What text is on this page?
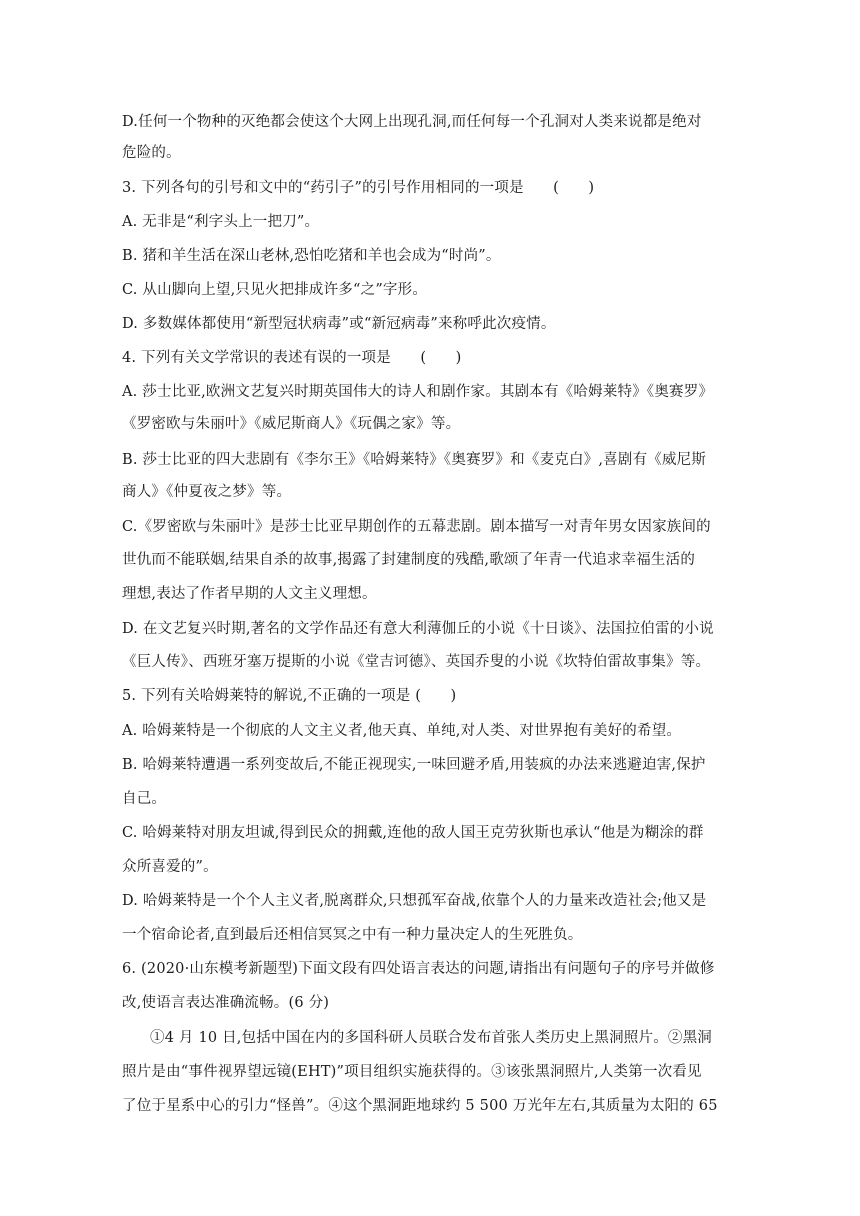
D.任何一个物种的灭绝都会使这个大网上出现孔洞,而任何每一个孔洞对人类来说都是绝对
危险的。
3. 下列各句的引号和文中的“药引子”的引号作用相同的一项是　　(　　)
A. 无非是“利字头上一把刀”。
B. 猪和羊生活在深山老林,恐怕吃猪和羊也会成为“时尚”。
C. 从山脚向上望,只见火把排成许多“之”字形。
D. 多数媒体都使用“新型冠状病毒”或“新冠病毒”来称呼此次疫情。
4. 下列有关文学常识的表述有误的一项是　　(　　)
A. 莎士比亚,欧洲文艺复兴时期英国伟大的诗人和剧作家。其剧本有《哈姆莱特》《奥赛罗》
《罗密欧与朱丽叶》《威尼斯商人》《玩偶之家》等。
B. 莎士比亚的四大悲剧有《李尔王》《哈姆莱特》《奥赛罗》和《麦克白》,喜剧有《威尼斯
商人》《仲夏夜之梦》等。
C.《罗密欧与朱丽叶》是莎士比亚早期创作的五幕悲剧。剧本描写一对青年男女因家族间的
世仇而不能联姻,结果自杀的故事,揭露了封建制度的残酷,歌颂了年青一代追求幸福生活的
理想,表达了作者早期的人文主义理想。
D. 在文艺复兴时期,著名的文学作品还有意大利薄伽丘的小说《十日谈》、法国拉伯雷的小说
《巨人传》、西班牙塞万提斯的小说《堂吉诃德》、英国乔叟的小说《坎特伯雷故事集》等。
5. 下列有关哈姆莱特的解说,不正确的一项是 (　　)
A. 哈姆莱特是一个彻底的人文主义者,他天真、单纯,对人类、对世界抱有美好的希望。
B. 哈姆莱特遭遇一系列变故后,不能正视现实,一味回避矛盾,用装疯的办法来逃避迫害,保护
自己。
C. 哈姆莱特对朋友坦诚,得到民众的拥戴,连他的敌人国王克劳狄斯也承认“他是为糊涂的群
众所喜爱的”。
D. 哈姆莱特是一个个人主义者,脱离群众,只想孤军奋战,依靠个人的力量来改造社会;他又是
一个宿命论者,直到最后还相信冥冥之中有一种力量决定人的生死胜负。
6. (2020·山东模考新题型)下面文段有四处语言表达的问题,请指出有问题句子的序号并做修
改,使语言表达准确流畅。(6 分)
①4 月 10 日,包括中国在内的多国科研人员联合发布首张人类历史上黑洞照片。②黑洞
照片是由“事件视界望远镜(EHT)”项目组织实施获得的。③该张黑洞照片,人类第一次看见
了位于星系中心的引力“怪兽”。④这个黑洞距地球约 5 500 万光年左右,其质量为太阳的 65
